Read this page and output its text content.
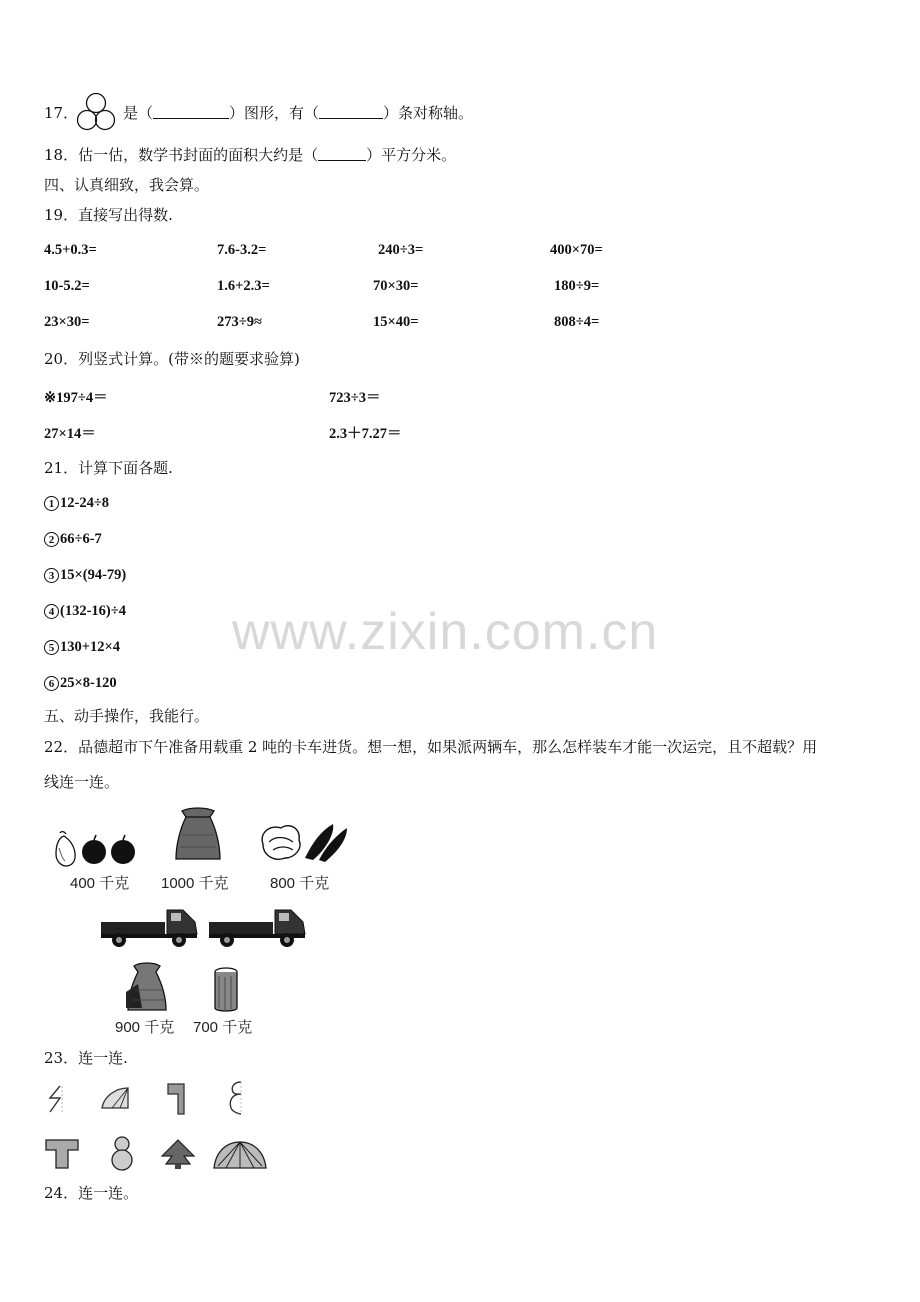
17．	是（	）图形，有（	）条对称轴。
18．估一估，数学书封面的面积大约是（	）平方分米。
四、认真细致，我会算。
19．直接写出得数.
4.5+0.3=	7.6-3.2=	240÷3=	400×70=
10-5.2=	1.6+2.3=	70×30=	180÷9=
23×30=	273÷9≈	15×40=	808÷4=
20．列竖式计算。(带※的题要求验算)
※197÷4＝	723÷3＝
27×14＝	2.3＋7.27＝
21．计算下面各题.
1 12-24÷8
2 66÷6-7
3 15×(94-79)
4 (132-16)÷4
5 130+12×4
6 25×8-120
www.zixin.com.cn
五、动手操作，我能行。
22．品德超市下午准备用载重 2 吨的卡车进货。想一想，如果派两辆车，那么怎样装车才能一次运完，且不超载？用
线连一连。
400 千克 1000 千克	800 千克
900 千克 700 千克
23．连一连.
24．连一连。
